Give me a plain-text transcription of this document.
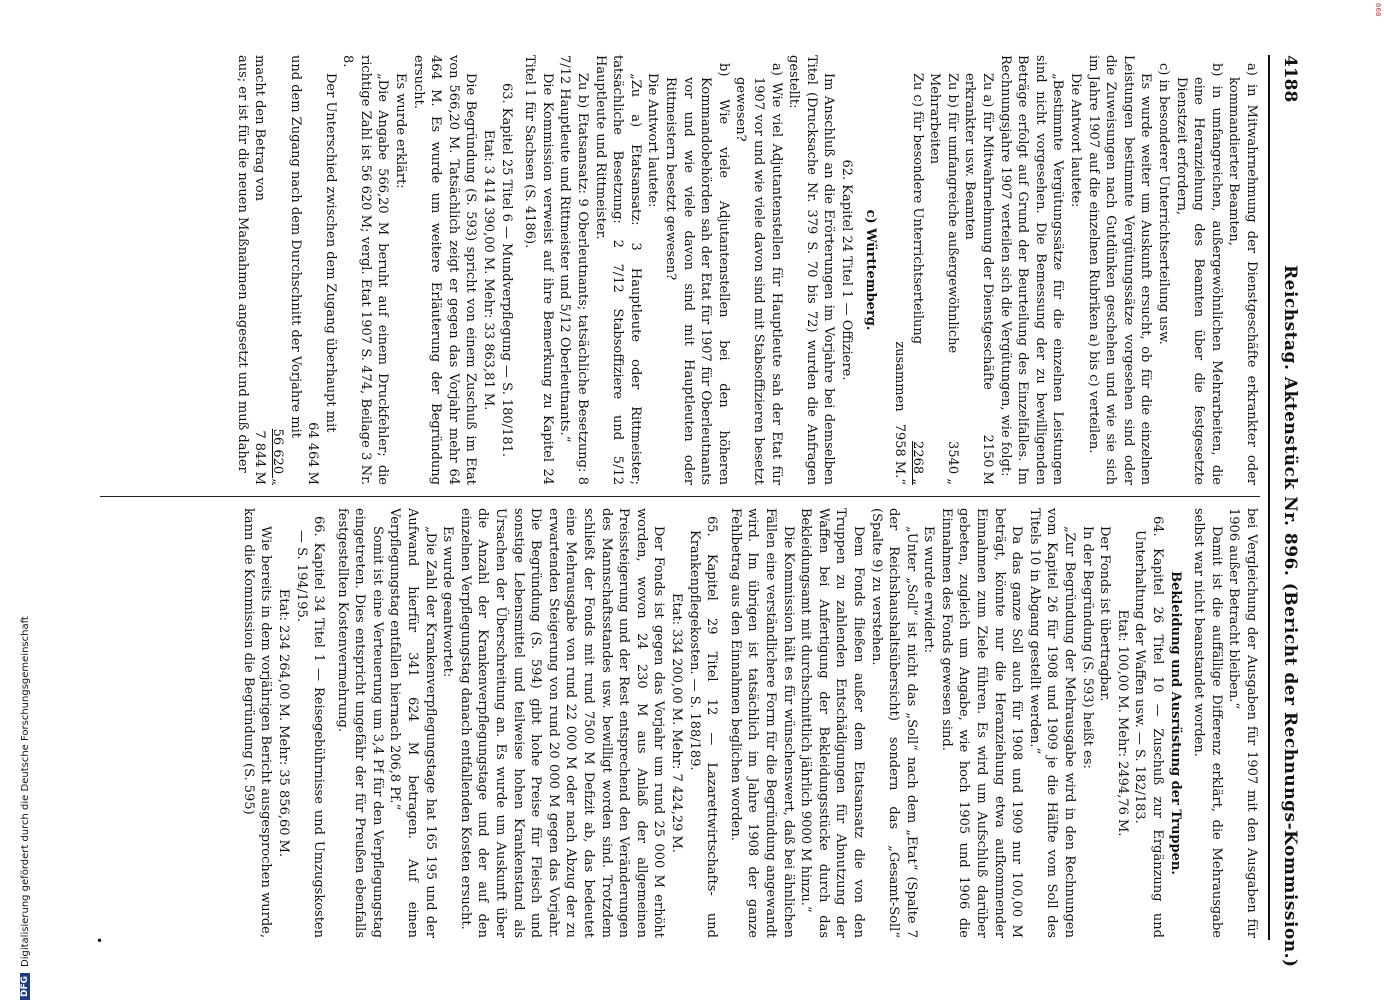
4188
Reichstag. Aktenstück Nr. 896. (Bericht der Rechnungs-Kommission.)

a) in Mitwahrnehmung der Dienstgeschäfte erkrankter oder kommandierter Beamten,

b) in umfangreichen, außergewöhnlichen Mehrarbeiten, die eine Heranziehung des Beamten über die festgesetzte Dienstzeit erfordern,

c) in besonderer Unterrichtserteilung usw.

Es wurde weiter um Auskunft ersucht, ob für die einzelnen Leistungen bestimmte Vergütungssätze vorgesehen sind oder die Zuweisungen nach Gutdünken geschehen und wie sie sich im Jahre 1907 auf die einzelnen Rubriken a) bis c) verteilen.

Die Antwort lautete:

„Bestimmte Vergütungssätze für die einzelnen Leistungen sind nicht vorgesehen. Die Bemessung der zu bewilligenden Beträge erfolgt auf Grund der Beurteilung des Einzelfalles. Im Rechnungsjahre 1907 verteilen sich die Vergütungen, wie folgt:

Zu a) für Mitwahrnehmung der Dienstgeschäfte erkrankter usw. Beamten
2150 M
Zu b) für umfangreiche außergewöhnliche Mehrarbeiten
3540 „
Zu c) für besondere Unterrichtserteilung
2268 „
zusammen
7958 M.“

c) Württemberg.

62. Kapitel 24 Titel 1 — Offiziere.

Im Anschluß an die Erörterungen im Vorjahre bei demselben Titel (Drucksache Nr. 379 S. 70 bis 72) wurden die Anfragen gestellt:

a) Wie viel Adjutantenstellen für Hauptleute sah der Etat für 1907 vor und wie viele davon sind mit Stabsoffizieren besetzt gewesen?

b) Wie viele Adjutantenstellen bei den höheren Kommandobehörden sah der Etat für 1907 für Oberleutnants vor und wie viele davon sind mit Hauptleuten oder Rittmeistern besetzt gewesen?

Die Antwort lautete:

„Zu a) Etatsansatz: 3 Hauptleute oder Rittmeister; tatsächliche Besetzung: 2 7/12 Stabsoffiziere und 5/12 Hauptleute und Rittmeister.

Zu b) Etatsansatz: 9 Oberleutnants; tatsächliche Besetzung: 8 7/12 Hauptleute und Rittmeister und 5/12 Oberleutnants.“

Die Kommission verweist auf ihre Bemerkung zu Kapitel 24 Titel 1 für Sachsen (S. 4186).

63. Kapitel 25 Titel 6 — Mundverpflegung — S. 180/181.

Etat: 3 414 390,00 M. Mehr: 33 863,81 M.

Die Begründung (S. 593) spricht von einem Zuschuß im Etat von 566,20 M. Tatsächlich zeigt er gegen das Vorjahr mehr 64 464 M. Es wurde um weitere Erläuterung der Begründung ersucht.

Es wurde erklärt:

„Die Angabe 566,20 M beruht auf einem Druckfehler; die richtige Zahl ist 56 620 M; vergl. Etat 1907 S. 474, Beilage 3 Nr. 8.

Der Unterschied zwischen dem Zugang überhaupt mit

64 464 M

und dem Zugang nach dem Durchschnitt der Vorjahre mit

56 620 „
macht den Betrag von
7 844 M

aus; er ist für die neuen Maßnahmen angesetzt und muß daher

bei Vergleichung der Ausgaben für 1907 mit den Ausgaben für 1906 außer Betracht bleiben.“

Damit ist die auffällige Differenz erklärt, die Mehrausgabe selbst war nicht beanstandet worden.

Bekleidung und Ausrüstung der Truppen.

64. Kapitel 26 Titel 10 — Zuschuß zur Ergänzung und Unterhaltung der Waffen usw. — S. 182/183.

Etat: 100,00 M. Mehr: 2494,76 M.

Der Fonds ist übertragbar.

In der Begründung (S. 593) heißt es:

„Zur Begründung der Mehrausgabe wird in den Rechnungen vom Kapitel 26 für 1908 und 1909 je die Hälfte vom Soll des Titels 10 in Abgang gestellt werden.“

Da das ganze Soll auch für 1908 und 1909 nur 100,00 M beträgt, könnte nur die Heranziehung etwa aufkommender Einnahmen zum Ziele führen. Es wird um Aufschluß darüber gebeten, zugleich um Angabe, wie hoch 1905 und 1906 die Einnahmen des Fonds gewesen sind.

Es wurde erwidert:

„Unter „Soll“ ist nicht das „Soll“ nach dem „Etat“ (Spalte 7 der Reichshaushaltsübersicht) sondern das „Gesamt-Soll“ (Spalte 9) zu verstehen.

Dem Fonds fließen außer dem Etatsansatz die von den Truppen zu zahlenden Entschädigungen für Abnutzung der Waffen bei Anfertigung der Bekleidungsstücke durch das Bekleidungsamt mit durchschnittlich jährlich 9000 M hinzu.“

Die Kommission hält es für wünschenswert, daß bei ähnlichen Fällen eine verständlichere Form für die Begründung angewandt wird. Im übrigen ist tatsächlich im Jahre 1908 der ganze Fehlbetrag aus den Einnahmen beglichen worden.

65. Kapitel 29 Titel 12 — Lazarettwirtschafts- und Krankenpflegekosten. — S. 188/189.

Etat: 334 200,00 M. Mehr: 7 424,29 M.

Der Fonds ist gegen das Vorjahr um rund 25 000 M erhöht worden, wovon 24 230 M aus Anlaß der allgemeinen Preissteigerung und der Rest entsprechend den Veränderungen des Mannschaftsstandes usw. bewilligt worden sind. Trotzdem schließt der Fonds mit rund 7500 M Defizit ab, das bedeutet eine Mehrausgabe von rund 22 000 M oder nach Abzug der zu erwartenden Steigerung von rund 20 000 M gegen das Vorjahr. Die Begründung (S. 594) gibt hohe Preise für Fleisch und sonstige Lebensmittel und teilweise hohen Krankenstand als Ursachen der Überschreitung an. Es wurde um Auskunft über die Anzahl der Krankenverpflegungstage und der auf den einzelnen Verpflegungstag danach entfallenden Kosten ersucht.

Es wurde geantwortet:

„Die Zahl der Krankenverpflegungstage hat 165 195 und der Aufwand hierfür 341 624 M betragen. Auf einen Verpflegungstag entfallen hiernach 206,8 Pf.“

Somit ist eine Verteuerung um 3,4 Pf für den Verpflegungstag eingetreten. Dies entspricht ungefähr der für Preußen ebenfalls festgestellten Kostenvermehrung.

66. Kapitel 34 Titel 1 — Reisegebührnisse und Umzugskosten — S. 194/195.

Etat: 234 264,00 M. Mehr: 35 856,60 M.

Wie bereits in dem vorjährigen Bericht ausgesprochen wurde, kann die Kommission die Begründung (S. 595)

DFG
Digitalisierung gefördert durch die Deutsche Forschungsgemeinschaft
668
•
